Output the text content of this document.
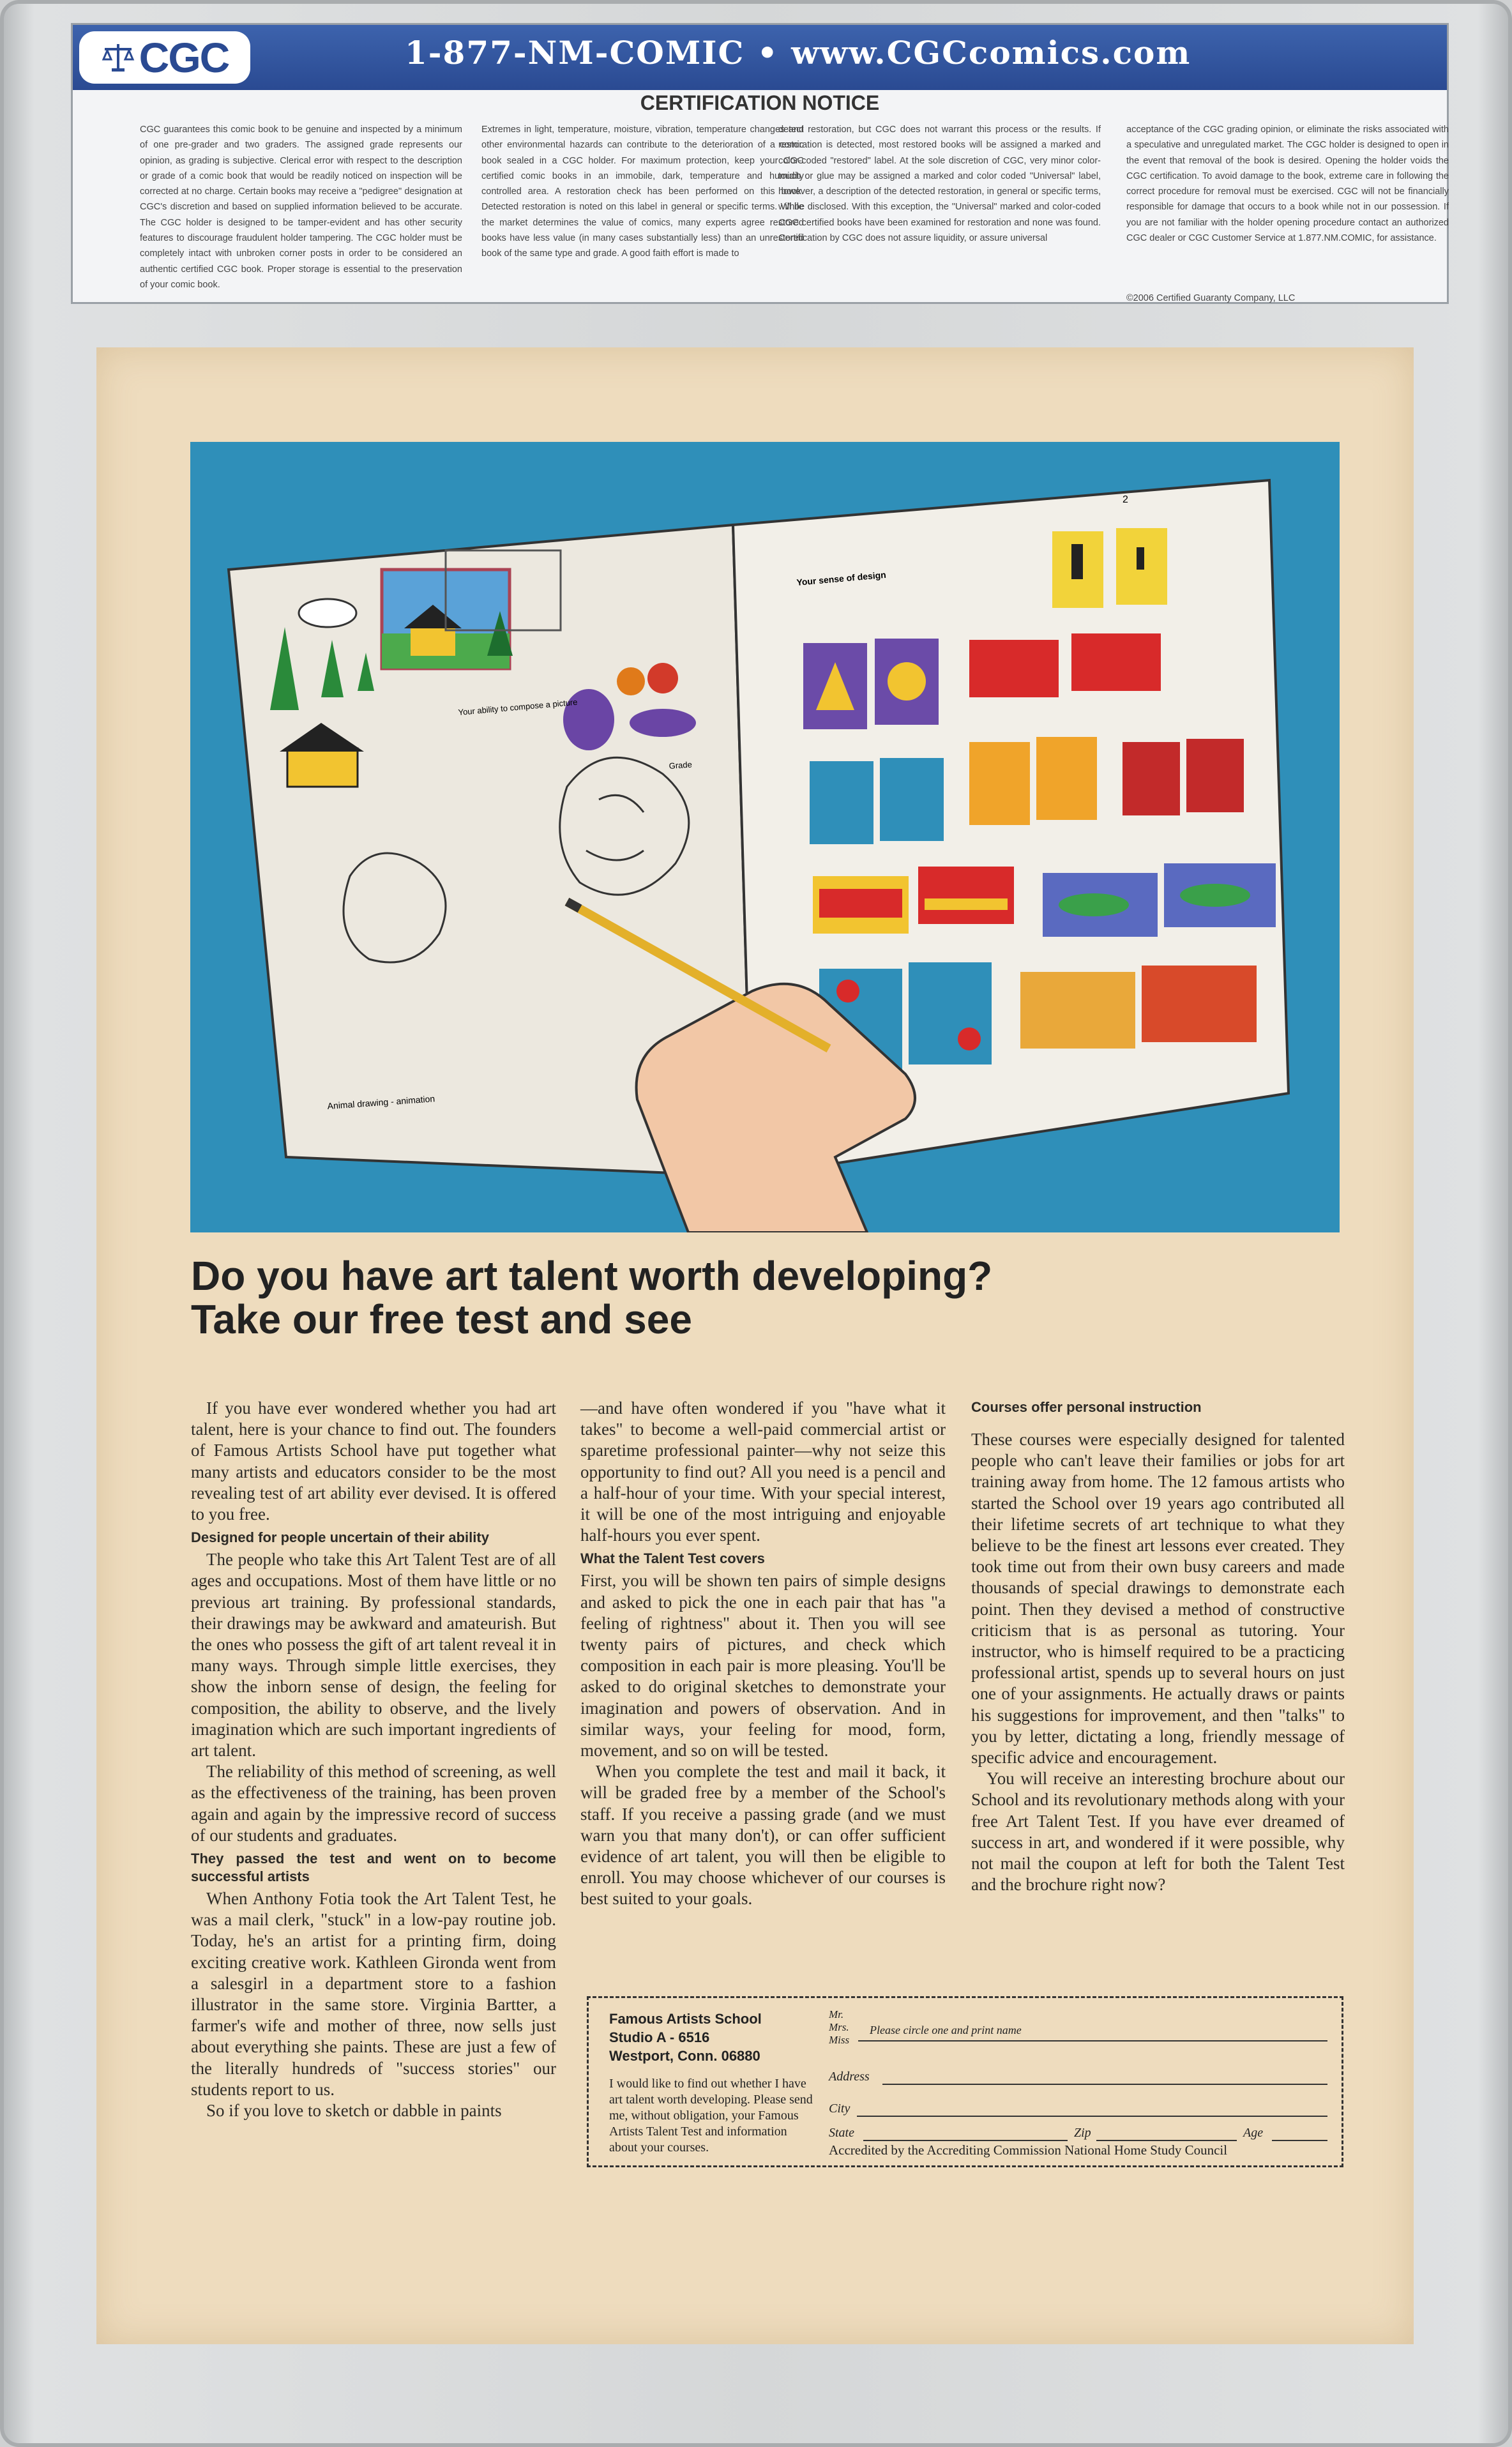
CGC	1-877-NM-COMIC • www.CGCcomics.com
CERTIFICATION NOTICE
CGC guarantees this comic book to be genuine and inspected by a minimum of one pre-grader and two graders. The assigned grade represents our opinion, as grading is subjective. Clerical error with respect to the description or grade of a comic book that would be readily noticed on inspection will be corrected at no charge. Certain books may receive a "pedigree" designation at CGC's discretion and based on supplied information believed to be accurate. The CGC holder is designed to be tamper-evident and has other security features to discourage fraudulent holder tampering. The CGC holder must be completely intact with unbroken corner posts in order to be considered an authentic certified CGC book. Proper storage is essential to the preservation of your comic book.
Extremes in light, temperature, moisture, vibration, temperature changes and other environmental hazards can contribute to the deterioration of a comic book sealed in a CGC holder. For maximum protection, keep your CGC certified comic books in an immobile, dark, temperature and humidity controlled area. A restoration check has been performed on this book. Detected restoration is noted on this label in general or specific terms. While the market determines the value of comics, many experts agree restored books have less value (in many cases substantially less) than an unrestored book of the same type and grade. A good faith effort is made to
detect restoration, but CGC does not warrant this process or the results. If restoration is detected, most restored books will be assigned a marked and color-coded "restored" label. At the sole discretion of CGC, very minor color-touch or glue may be assigned a marked and color coded "Universal" label, however, a description of the detected restoration, in general or specific terms, will be disclosed. With this exception, the "Universal" marked and color-coded CGC certified books have been examined for restoration and none was found. Certification by CGC does not assure liquidity, or assure universal
acceptance of the CGC grading opinion, or eliminate the risks associated with a speculative and unregulated market. The CGC holder is designed to open in the event that removal of the book is desired. Opening the holder voids the CGC certification. To avoid damage to the book, extreme care in following the correct procedure for removal must be exercised. CGC will not be financially responsible for damage that occurs to a book while not in our possession. If you are not familiar with the holder opening procedure contact an authorized CGC dealer or CGC Customer Service at 1.877.NM.COMIC, for assistance.
©2006 Certified Guaranty Company, LLC
Your ability to compose a picture
Grade
Animal drawing - animation
Your sense of design
2
Do you have art talent worth developing?
Take our free test and see

If you have ever wondered whether you had art talent, here is your chance to find out. The founders of Famous Artists School have put together what many artists and educators consider to be the most revealing test of art ability ever devised. It is offered to you free.

Designed for people uncertain of their ability

The people who take this Art Talent Test are of all ages and occupations. Most of them have little or no previous art training. By professional standards, their drawings may be awkward and amateurish. But the ones who possess the gift of art talent reveal it in many ways. Through simple little exercises, they show the inborn sense of design, the feeling for composition, the ability to observe, and the lively imagination which are such important ingredients of art talent.

The reliability of this method of screening, as well as the effectiveness of the training, has been proven again and again by the impressive record of success of our students and graduates.

They passed the test and went on to become successful artists

When Anthony Fotia took the Art Talent Test, he was a mail clerk, "stuck" in a low-pay routine job. Today, he's an artist for a printing firm, doing exciting creative work. Kathleen Gironda went from a salesgirl in a department store to a fashion illustrator in the same store. Virginia Bartter, a farmer's wife and mother of three, now sells just about everything she paints. These are just a few of the literally hundreds of "success stories" our students report to us.

So if you love to sketch or dabble in paints

—and have often wondered if you "have what it takes" to become a well-paid commercial artist or sparetime professional painter—why not seize this opportunity to find out? All you need is a pencil and a half-hour of your time. With your special interest, it will be one of the most intriguing and enjoyable half-hours you ever spent.

What the Talent Test covers

First, you will be shown ten pairs of simple designs and asked to pick the one in each pair that has "a feeling of rightness" about it. Then you will see twenty pairs of pictures, and check which composition in each pair is more pleasing. You'll be asked to do original sketches to demonstrate your imagination and powers of observation. And in similar ways, your feeling for mood, form, movement, and so on will be tested.

When you complete the test and mail it back, it will be graded free by a member of the School's staff. If you receive a passing grade (and we must warn you that many don't), or can offer sufficient evidence of art talent, you will then be eligible to enroll. You may choose whichever of our courses is best suited to your goals.

Courses offer personal instruction

These courses were especially designed for talented people who can't leave their families or jobs for art training away from home. The 12 famous artists who started the School over 19 years ago contributed all their lifetime secrets of art technique to what they believe to be the finest art lessons ever created. They took time out from their own busy careers and made thousands of special drawings to demonstrate each point. Then they devised a method of constructive criticism that is as personal as tutoring. Your instructor, who is himself required to be a practicing professional artist, spends up to several hours on just one of your assignments. He actually draws or paints his suggestions for improvement, and then "talks" to you by letter, dictating a long, friendly message of specific advice and encouragement.

You will receive an interesting brochure about our School and its revolutionary methods along with your free Art Talent Test. If you have ever dreamed of success in art, and wondered if it were possible, why not mail the coupon at left for both the Talent Test and the brochure right now?

Famous Artists School
Studio A - 6516
Westport, Conn. 06880
I would like to find out whether I have art talent worth developing. Please send me, without obligation, your Famous Artists Talent Test and information about your courses.
Mr.
Mrs.
Miss
Please circle one and print name
Address
City
State	Zip	Age
Accredited by the Accrediting Commission National Home Study Council
